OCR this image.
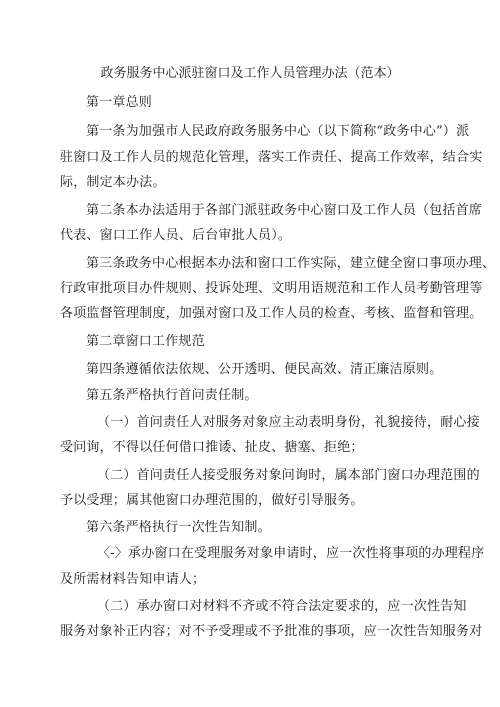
政务服务中心派驻窗口及工作人员管理办法（范本）
第一章总则
第一条为加强市人民政府政务服务中心（以下简称“政务中心”）派
驻窗口及工作人员的规范化管理，落实工作责任、提高工作效率，结合实
际，制定本办法。
第二条本办法适用于各部门派驻政务中心窗口及工作人员（包括首席
代表、窗口工作人员、后台审批人员）。
第三条政务中心根据本办法和窗口工作实际，建立健全窗口事项办理、
行政审批项目办件规则、投诉处理、文明用语规范和工作人员考勤管理等
各项监督管理制度，加强对窗口及工作人员的检查、考核、监督和管理。
第二章窗口工作规范
第四条遵循依法依规、公开透明、便民高效、清正廉洁原则。
第五条严格执行首问责任制。
（一）首问责任人对服务对象应主动表明身份，礼貌接待，耐心接
受问询，不得以任何借口推诿、扯皮、搪塞、拒绝；
（二）首问责任人接受服务对象问询时，属本部门窗口办理范围的
予以受理；属其他窗口办理范围的，做好引导服务。
第六条严格执行一次性告知制。
〈-〉承办窗口在受理服务对象申请时，应一次性将事项的办理程序
及所需材料告知申请人；
（二）承办窗口对材料不齐或不符合法定要求的，应一次性告知
服务对象补正内容；对不予受理或不予批准的事项，应一次性告知服务对
